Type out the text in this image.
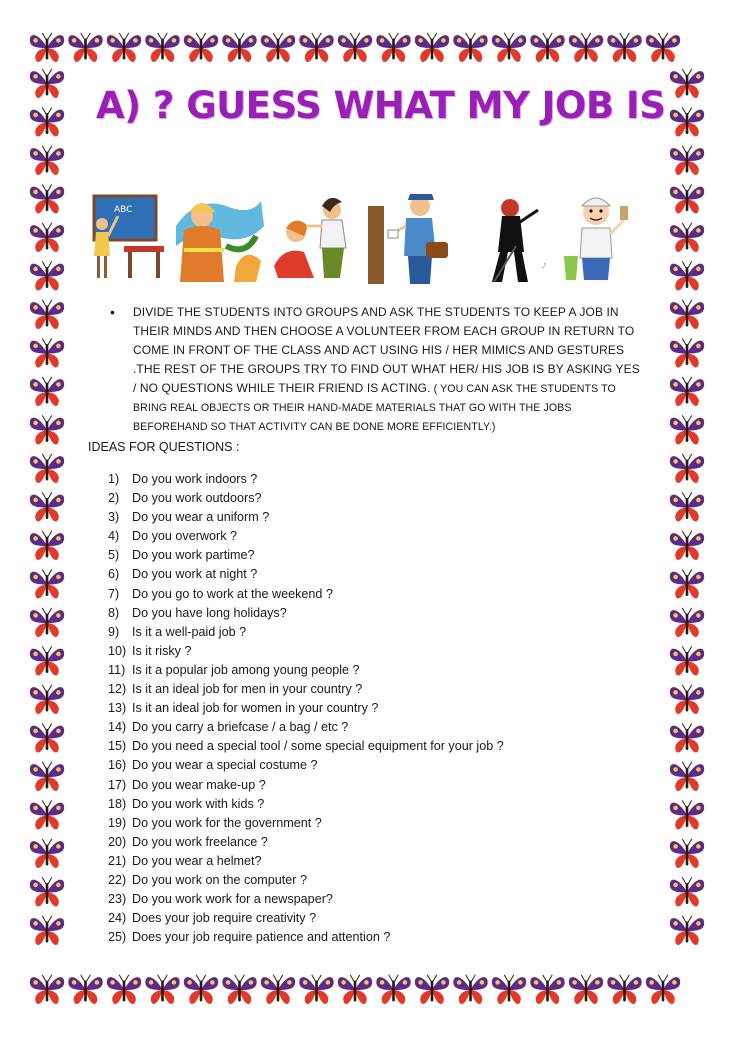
A) ? GUESS WHAT MY JOB IS
ABC
♪
• DIVIDE THE STUDENTS INTO GROUPS AND ASK THE STUDENTS TO KEEP A JOB IN THEIR MINDS AND THEN CHOOSE A VOLUNTEER FROM EACH GROUP IN RETURN TO COME IN FRONT OF THE CLASS AND ACT USING HIS / HER MIMICS AND GESTURES .THE REST OF THE GROUPS TRY TO FIND OUT WHAT HER/ HIS JOB IS BY ASKING YES / NO QUESTIONS WHILE THEIR FRIEND IS ACTING. ( YOU CAN ASK THE STUDENTS TO BRING REAL OBJECTS OR THEIR HAND-MADE MATERIALS THAT GO WITH THE JOBS BEFOREHAND SO THAT ACTIVITY CAN BE DONE MORE EFFICIENTLY.)
IDEAS FOR QUESTIONS :
1) Do you work indoors ?
2) Do you work outdoors?
3) Do you wear a uniform ?
4) Do you overwork ?
5) Do you work partime?
6) Do you work at night ?
7) Do you go to work at the weekend ?
8) Do you have long holidays?
9) Is it a well-paid job ?
10) Is it risky ?
11) Is it a popular job among young people ?
12) Is it an ideal job for men in your country ?
13) Is it an ideal job for women in your country ?
14) Do you carry a briefcase / a bag / etc ?
15) Do you need a special tool / some special equipment for your job ?
16) Do you wear a special costume ?
17) Do you wear make-up ?
18) Do you work with kids ?
19) Do you work for the government ?
20) Do you work freelance ?
21) Do you wear a helmet?
22) Do you work on the computer ?
23) Do you work work for a newspaper?
24) Does your job require creativity ?
25) Does your job require patience and attention ?
